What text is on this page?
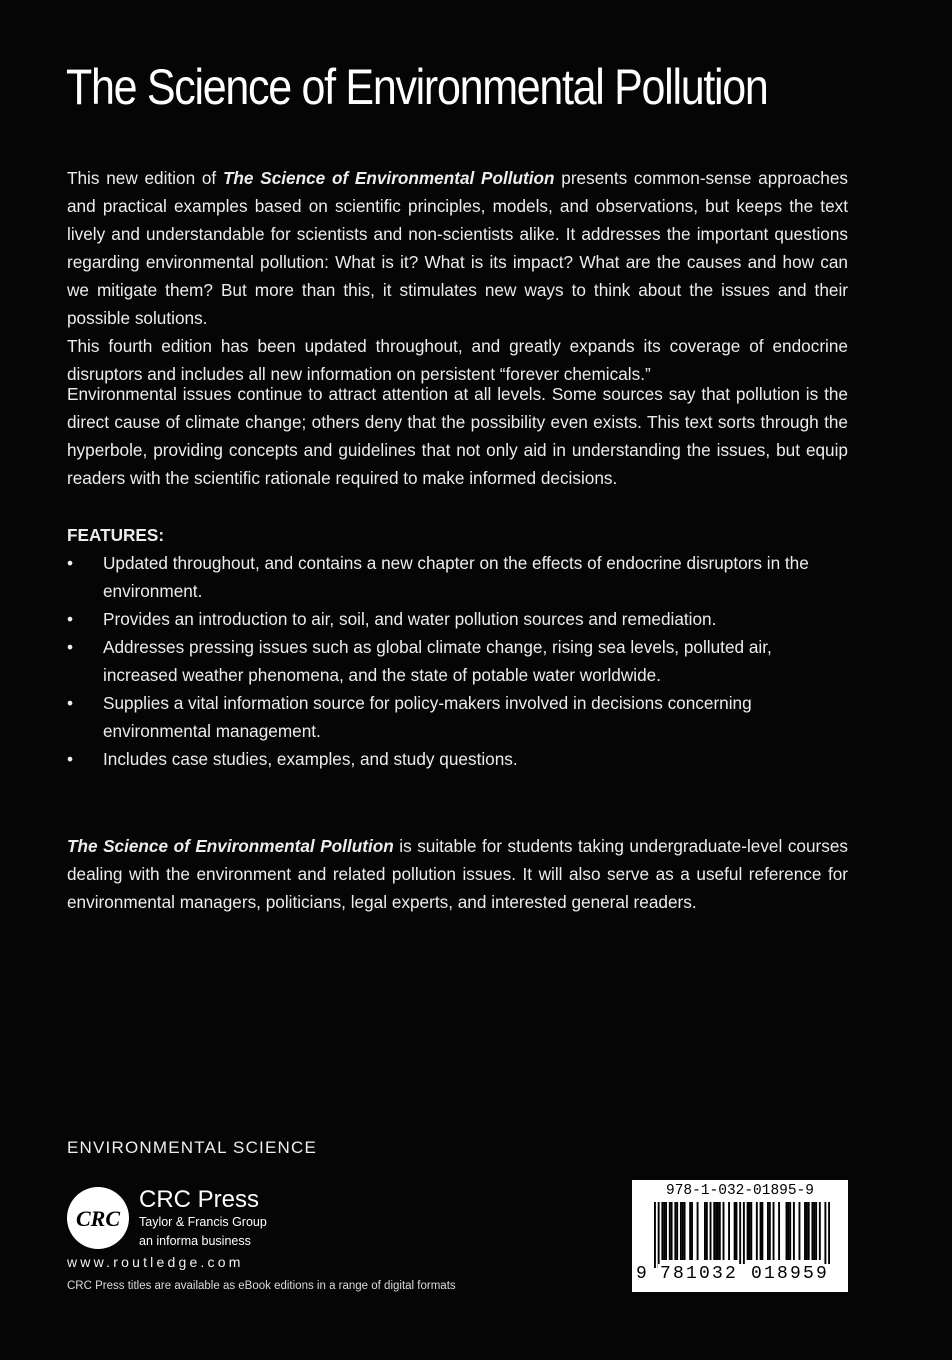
The Science of Environmental Pollution

This new edition of The Science of Environmental Pollution presents common-sense approaches and practical examples based on scientific principles, models, and observations, but keeps the text lively and understandable for scientists and non-scientists alike. It addresses the important questions regarding environmental pollution: What is it? What is its impact? What are the causes and how can we mitigate them? But more than this, it stimulates new ways to think about the issues and their possible solutions.

This fourth edition has been updated throughout, and greatly expands its coverage of endocrine disruptors and includes all new information on persistent “forever chemicals.”

Environmental issues continue to attract attention at all levels. Some sources say that pollution is the direct cause of climate change; others deny that the possibility even exists. This text sorts through the hyperbole, providing concepts and guidelines that not only aid in understanding the issues, but equip readers with the scientific rationale required to make informed decisions.

FEATURES:
• Updated throughout, and contains a new chapter on the effects of endocrine disruptors in the environment.
• Provides an introduction to air, soil, and water pollution sources and remediation.
• Addresses pressing issues such as global climate change, rising sea levels, polluted air, increased weather phenomena, and the state of potable water worldwide.
• Supplies a vital information source for policy-makers involved in decisions concerning environmental management.
• Includes case studies, examples, and study questions.

The Science of Environmental Pollution is suitable for students taking undergraduate-level courses dealing with the environment and related pollution issues. It will also serve as a useful reference for environmental managers, politicians, legal experts, and interested general readers.

ENVIRONMENTAL SCIENCE
CRC
CRC Press
Taylor & Francis Group
an informa business
www.routledge.com
CRC Press titles are available as eBook editions in a range of digital formats
978-1-032-01895-9
9 781032 018959
